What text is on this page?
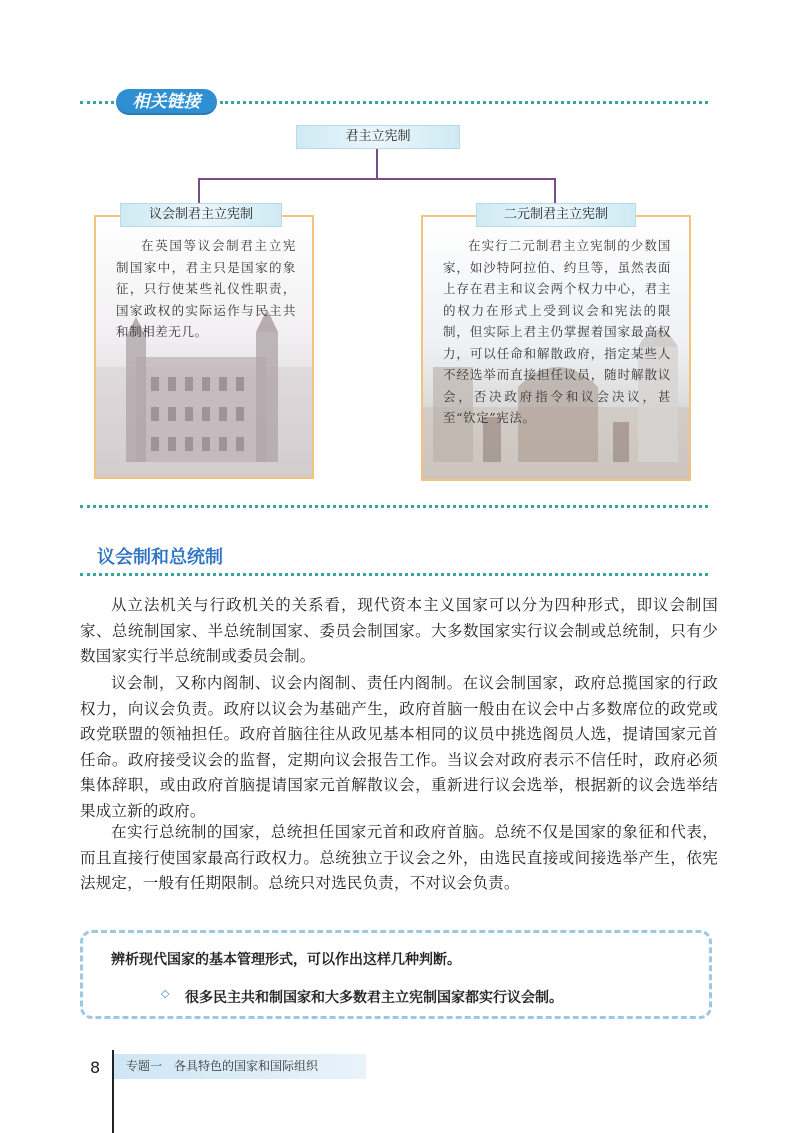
相关链接
君主立宪制
在英国等议会制君主立宪制国家中，君主只是国家的象征，只行使某些礼仪性职责，国家政权的实际运作与民主共和制相差无几。
议会制君主立宪制
在实行二元制君主立宪制的少数国家，如沙特阿拉伯、约旦等，虽然表面上存在君主和议会两个权力中心，君主的权力在形式上受到议会和宪法的限制，但实际上君主仍掌握着国家最高权力，可以任命和解散政府，指定某些人不经选举而直接担任议员，随时解散议会，否决政府指令和议会决议，甚至“钦定”宪法。
二元制君主立宪制
议会制和总统制

从立法机关与行政机关的关系看，现代资本主义国家可以分为四种形式，即议会制国家、总统制国家、半总统制国家、委员会制国家。大多数国家实行议会制或总统制，只有少数国家实行半总统制或委员会制。

议会制，又称内阁制、议会内阁制、责任内阁制。在议会制国家，政府总揽国家的行政权力，向议会负责。政府以议会为基础产生，政府首脑一般由在议会中占多数席位的政党或政党联盟的领袖担任。政府首脑往往从政见基本相同的议员中挑选阁员人选，提请国家元首任命。政府接受议会的监督，定期向议会报告工作。当议会对政府表示不信任时，政府必须集体辞职，或由政府首脑提请国家元首解散议会，重新进行议会选举，根据新的议会选举结果成立新的政府。

在实行总统制的国家，总统担任国家元首和政府首脑。总统不仅是国家的象征和代表，而且直接行使国家最高行政权力。总统独立于议会之外，由选民直接或间接选举产生，依宪法规定，一般有任期限制。总统只对选民负责，不对议会负责。

辨析现代国家的基本管理形式，可以作出这样几种判断。
◇ 很多民主共和制国家和大多数君主立宪制国家都实行议会制。
8	专题一　各具特色的国家和国际组织
